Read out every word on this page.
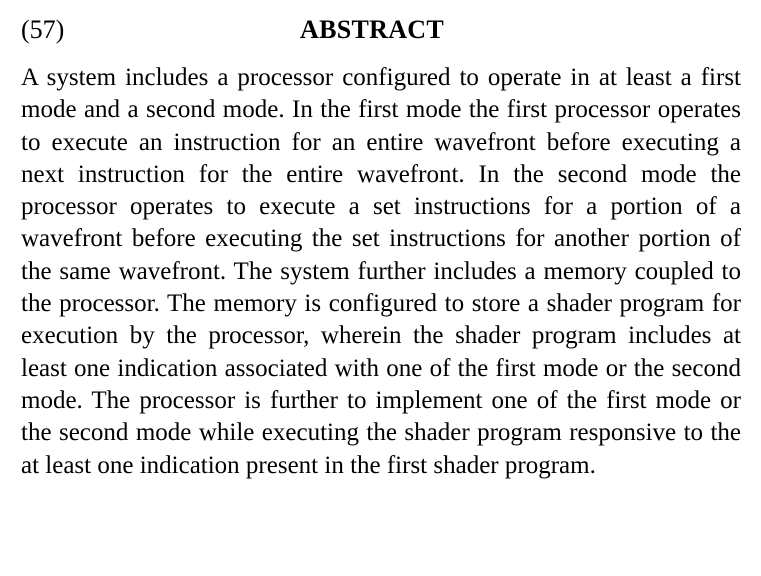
(57)	ABSTRACT

A system includes a processor configured to operate in at least a first mode and a second mode. In the first mode the first processor operates to execute an instruction for an entire wavefront before executing a next instruction for the entire wavefront. In the second mode the processor operates to execute a set instructions for a portion of a wavefront before executing the set instructions for another portion of the same wavefront. The system further includes a memory coupled to the processor. The memory is configured to store a shader program for execution by the processor, wherein the shader program includes at least one indication associated with one of the first mode or the second mode. The processor is further to implement one of the first mode or the second mode while executing the shader program responsive to the at least one indication present in the first shader program.
